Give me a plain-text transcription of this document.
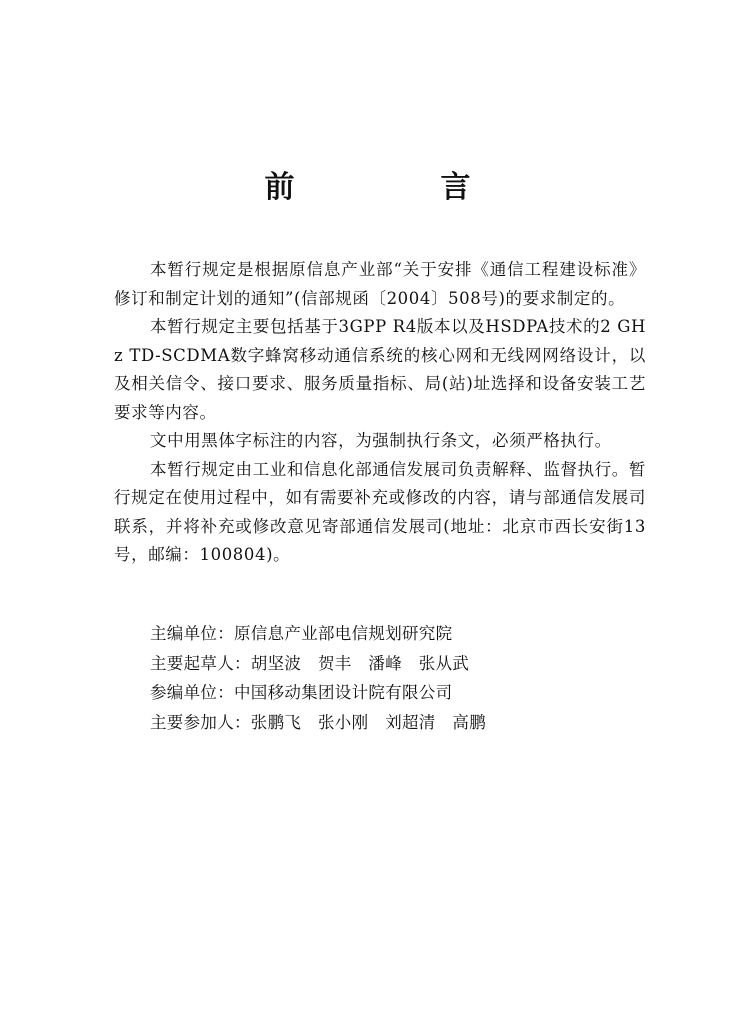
前　言

本暂行规定是根据原信息产业部“关于安排《通信工程建设标准》修订和制定计划的通知”(信部规函〔2004〕508号)的要求制定的。

本暂行规定主要包括基于3GPP R4版本以及HSDPA技术的2 GHz TD-SCDMA数字蜂窝移动通信系统的核心网和无线网网络设计，以及相关信令、接口要求、服务质量指标、局(站)址选择和设备安装工艺要求等内容。

文中用黑体字标注的内容，为强制执行条文，必须严格执行。

本暂行规定由工业和信息化部通信发展司负责解释、监督执行。暂行规定在使用过程中，如有需要补充或修改的内容，请与部通信发展司联系，并将补充或修改意见寄部通信发展司(地址：北京市西长安街13号，邮编：100804)。

主编单位：原信息产业部电信规划研究院
主要起草人：胡坚波　贺丰　潘峰　张从武
参编单位：中国移动集团设计院有限公司
主要参加人：张鹏飞　张小刚　刘超清　高鹏
